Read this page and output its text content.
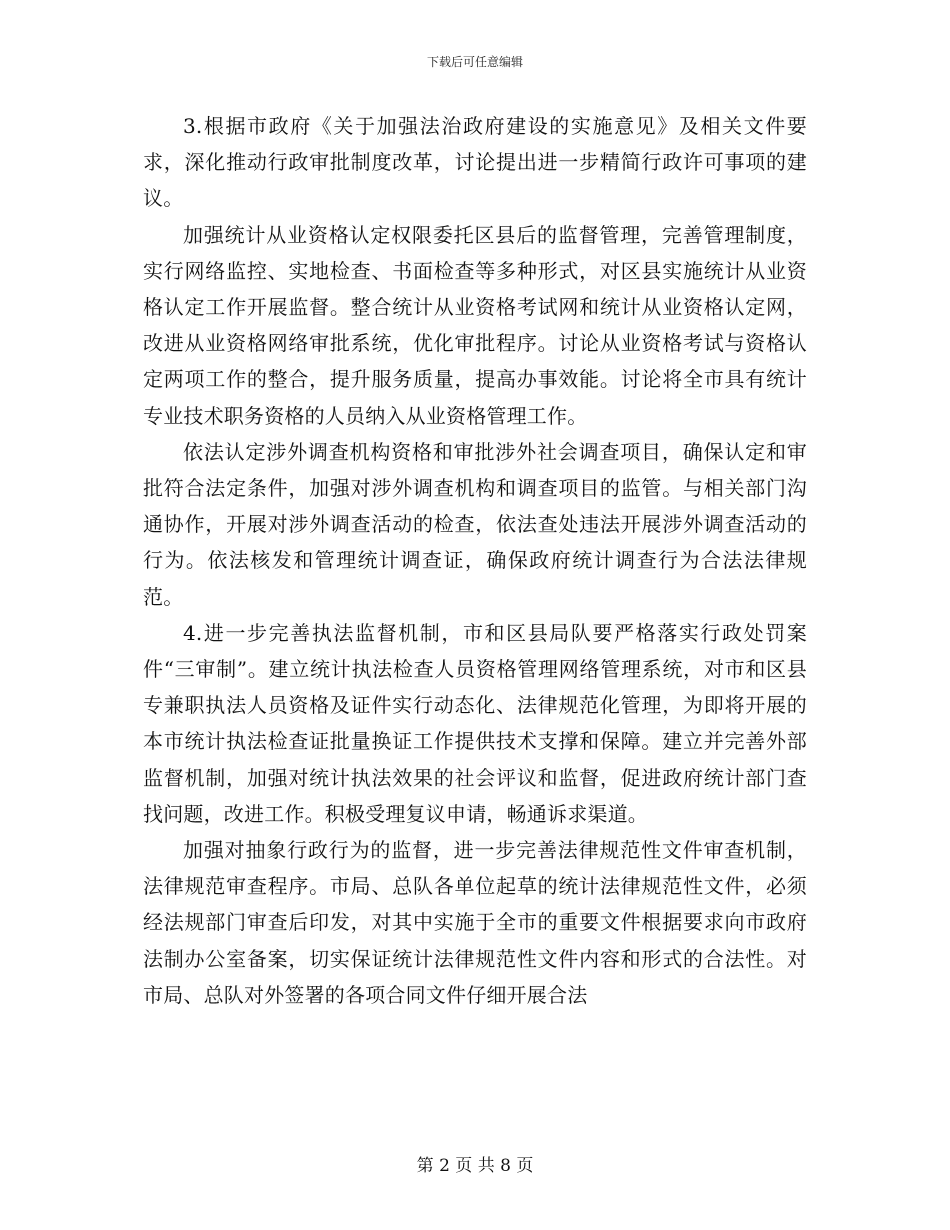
下载后可任意编辑

3.根据市政府《关于加强法治政府建设的实施意见》及相关文件要求，深化推动行政审批制度改革，讨论提出进一步精简行政许可事项的建议。

加强统计从业资格认定权限委托区县后的监督管理，完善管理制度，实行网络监控、实地检查、书面检查等多种形式，对区县实施统计从业资格认定工作开展监督。整合统计从业资格考试网和统计从业资格认定网，改进从业资格网络审批系统，优化审批程序。讨论从业资格考试与资格认定两项工作的整合，提升服务质量，提高办事效能。讨论将全市具有统计专业技术职务资格的人员纳入从业资格管理工作。

依法认定涉外调查机构资格和审批涉外社会调查项目，确保认定和审批符合法定条件，加强对涉外调查机构和调查项目的监管。与相关部门沟通协作，开展对涉外调查活动的检查，依法查处违法开展涉外调查活动的行为。依法核发和管理统计调查证，确保政府统计调查行为合法法律规范。

4.进一步完善执法监督机制，市和区县局队要严格落实行政处罚案件“三审制”。建立统计执法检查人员资格管理网络管理系统，对市和区县专兼职执法人员资格及证件实行动态化、法律规范化管理，为即将开展的本市统计执法检查证批量换证工作提供技术支撑和保障。建立并完善外部监督机制，加强对统计执法效果的社会评议和监督，促进政府统计部门查找问题，改进工作。积极受理复议申请，畅通诉求渠道。

加强对抽象行政行为的监督，进一步完善法律规范性文件审查机制，法律规范审查程序。市局、总队各单位起草的统计法律规范性文件，必须经法规部门审查后印发，对其中实施于全市的重要文件根据要求向市政府法制办公室备案，切实保证统计法律规范性文件内容和形式的合法性。对市局、总队对外签署的各项合同文件仔细开展合法

第 2 页 共 8 页
